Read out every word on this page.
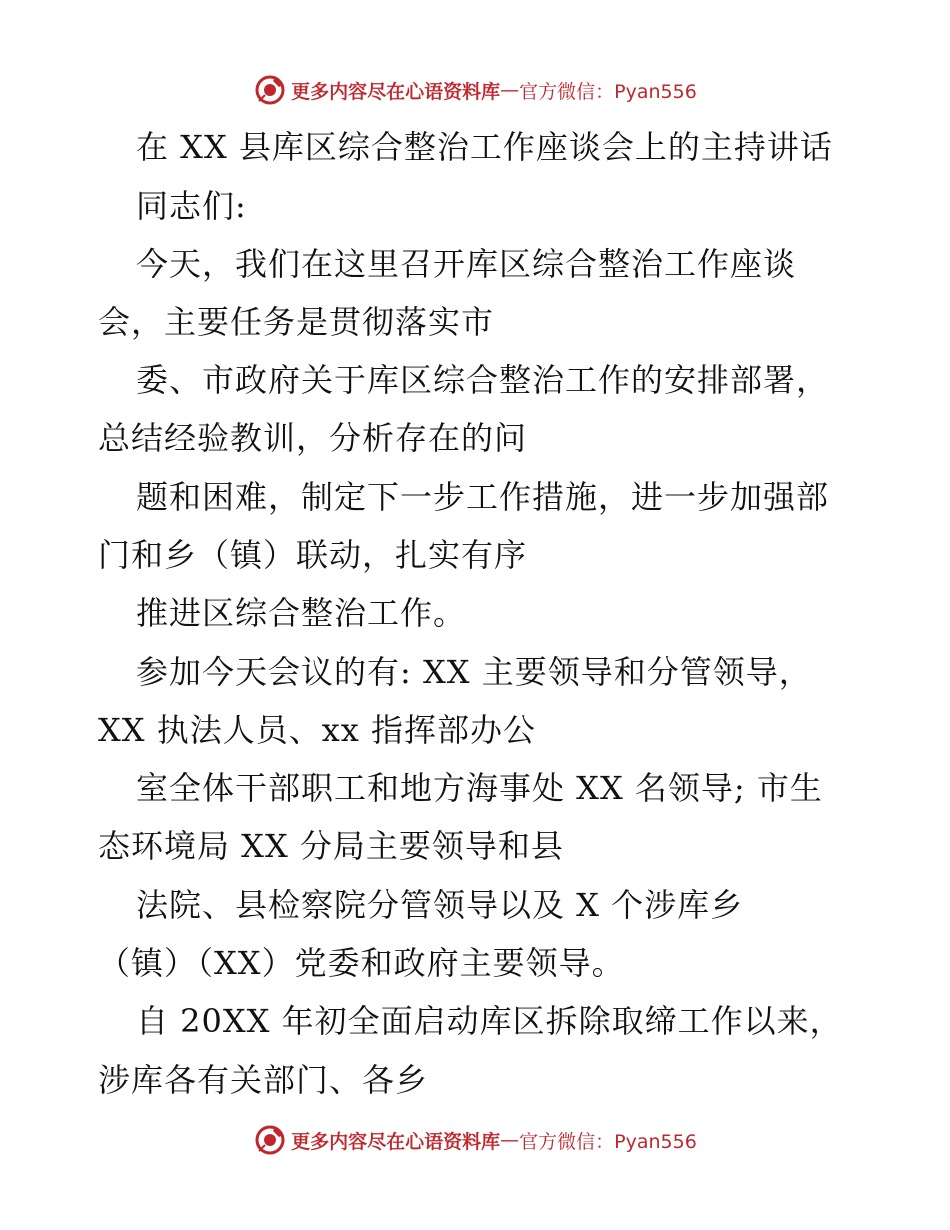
更多内容尽在心语资料库 — 官方微信：Pyan556
在 XX 县库区综合整治工作座谈会上的主持讲话
同志们:
今天，我们在这里召开库区综合整治工作座谈
会，主要任务是贯彻落实市
委、市政府关于库区综合整治工作的安排部署，
总结经验教训，分析存在的问
题和困难，制定下一步工作措施，进一步加强部
门和乡（镇）联动，扎实有序
推进区综合整治工作。
参加今天会议的有: XX 主要领导和分管领导，
XX 执法人员、xx 指挥部办公
室全体干部职工和地方海事处 XX 名领导; 市生
态环境局 XX 分局主要领导和县
法院、县检察院分管领导以及 X 个涉库乡
（镇）（XX）党委和政府主要领导。
自 20XX 年初全面启动库区拆除取缔工作以来，
涉库各有关部门、各乡
更多内容尽在心语资料库 — 官方微信：Pyan556
